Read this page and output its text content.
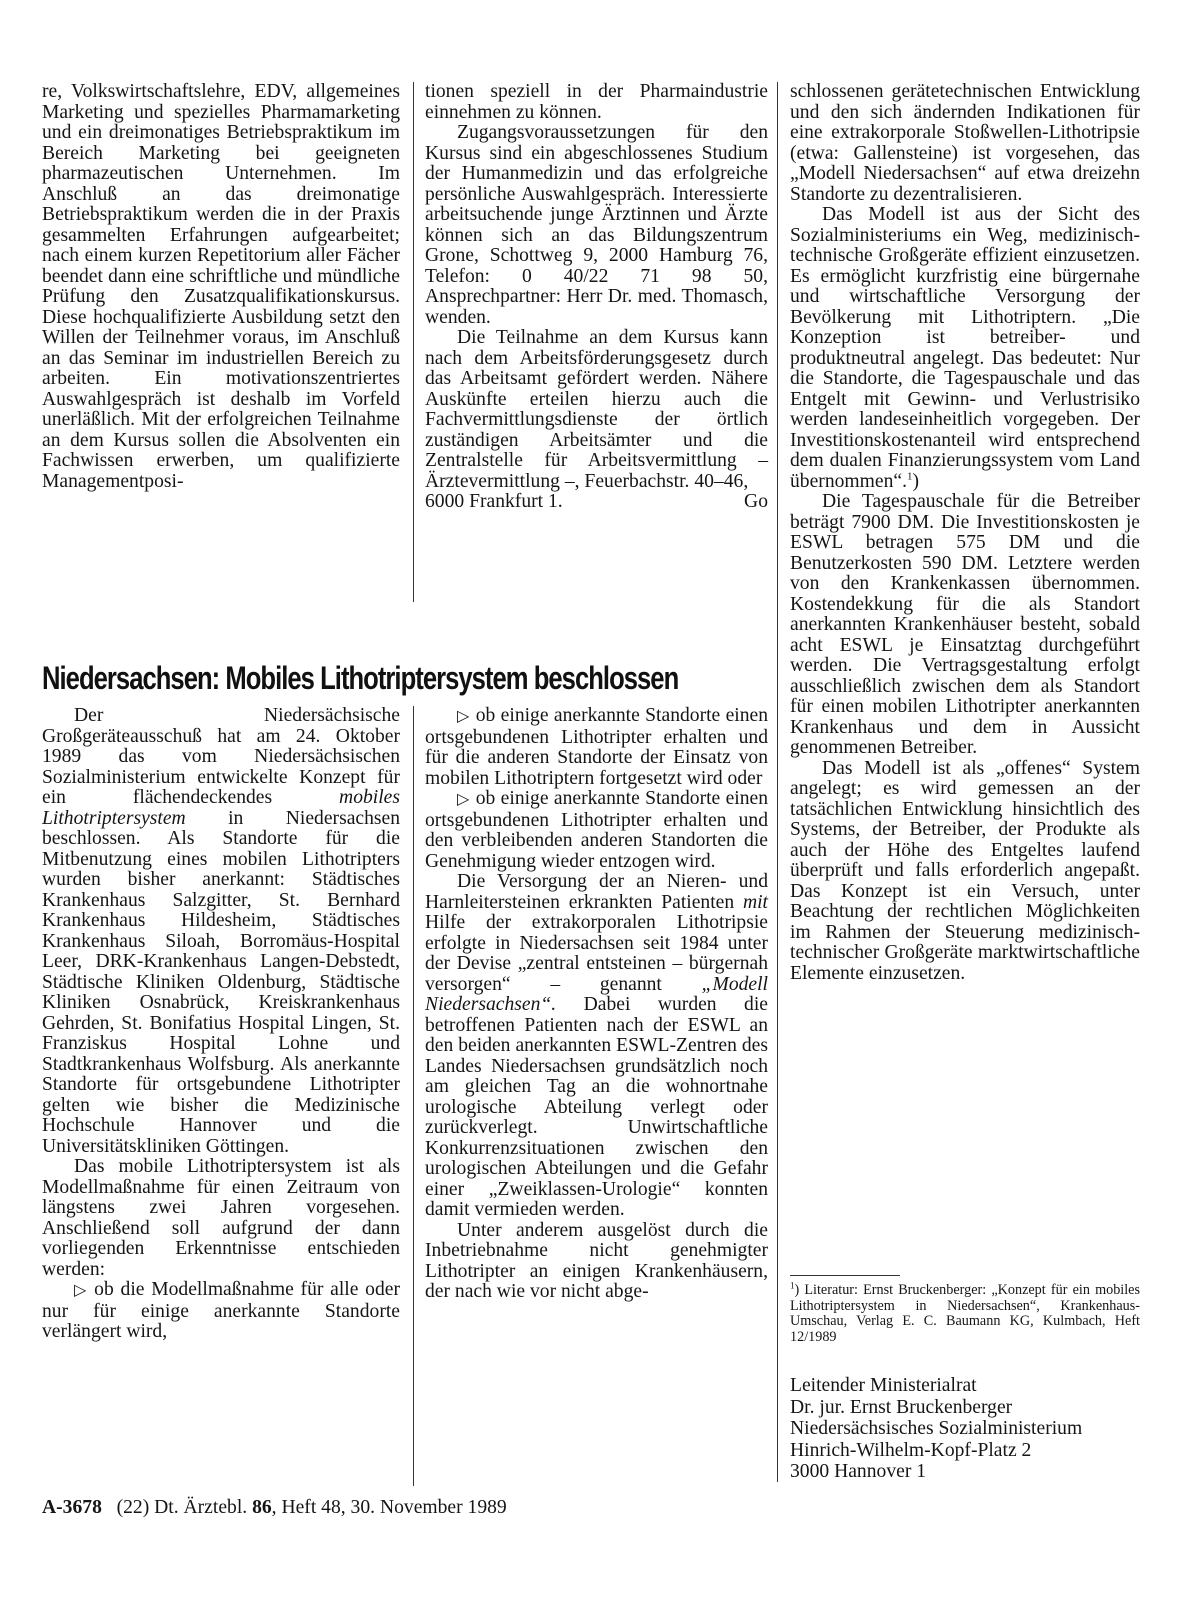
re, Volkswirtschaftslehre, EDV, allgemeines Marketing und spezielles Pharmamarketing und ein dreimonatiges Betriebspraktikum im Bereich Marketing bei geeigneten pharmazeutischen Unternehmen. Im Anschluß an das dreimonatige Betriebspraktikum werden die in der Praxis gesammelten Erfahrungen aufgearbeitet; nach einem kurzen Repetitorium aller Fächer beendet dann eine schriftliche und mündliche Prüfung den Zusatzqualifikationskursus. Diese hochqualifizierte Ausbildung setzt den Willen der Teilnehmer voraus, im Anschluß an das Seminar im industriellen Bereich zu arbeiten. Ein motivationszentriertes Auswahlgespräch ist deshalb im Vorfeld unerläßlich. Mit der erfolgreichen Teilnahme an dem Kursus sollen die Absolventen ein Fachwissen erwerben, um qualifizierte Managementposi-

tionen speziell in der Pharmaindustrie einnehmen zu können.

Zugangsvoraussetzungen für den Kursus sind ein abgeschlossenes Studium der Humanmedizin und das erfolgreiche persönliche Auswahlgespräch. Interessierte arbeitsuchende junge Ärztinnen und Ärzte können sich an das Bildungszentrum Grone, Schottweg 9, 2000 Hamburg 76, Telefon: 0 40/22 71 98 50, Ansprechpartner: Herr Dr. med. Thomasch, wenden.

Die Teilnahme an dem Kursus kann nach dem Arbeitsförderungsgesetz durch das Arbeitsamt gefördert werden. Nähere Auskünfte erteilen hierzu auch die Fachvermittlungsdienste der örtlich zuständigen Arbeitsämter und die Zentralstelle für Arbeitsvermittlung – Ärztevermittlung –, Feuerbachstr. 40–46,

6000 Frankfurt 1.	Go
Niedersachsen: Mobiles Lithotriptersystem beschlossen

Der Niedersächsische Großgeräteausschuß hat am 24. Oktober 1989 das vom Niedersächsischen Sozialministerium entwickelte Konzept für ein flächendeckendes mobiles Lithotriptersystem in Niedersachsen beschlossen. Als Standorte für die Mitbenutzung eines mobilen Lithotripters wurden bisher anerkannt: Städtisches Krankenhaus Salzgitter, St. Bernhard Krankenhaus Hildesheim, Städtisches Krankenhaus Siloah, Borromäus-Hospital Leer, DRK-Krankenhaus Langen-Debstedt, Städtische Kliniken Oldenburg, Städtische Kliniken Osnabrück, Kreiskrankenhaus Gehrden, St. Bonifatius Hospital Lingen, St. Franziskus Hospital Lohne und Stadtkrankenhaus Wolfsburg. Als anerkannte Standorte für ortsgebundene Lithotripter gelten wie bisher die Medizinische Hochschule Hannover und die Universitätskliniken Göttingen.

Das mobile Lithotriptersystem ist als Modellmaßnahme für einen Zeitraum von längstens zwei Jahren vorgesehen. Anschließend soll aufgrund der dann vorliegenden Erkenntnisse entschieden werden:

▷ ob die Modellmaßnahme für alle oder nur für einige anerkannte Standorte verlängert wird,

▷ ob einige anerkannte Standorte einen ortsgebundenen Lithotripter erhalten und für die anderen Standorte der Einsatz von mobilen Lithotriptern fortgesetzt wird oder

▷ ob einige anerkannte Standorte einen ortsgebundenen Lithotripter erhalten und den verbleibenden anderen Standorten die Genehmigung wieder entzogen wird.

Die Versorgung der an Nieren- und Harnleitersteinen erkrankten Patienten mit Hilfe der extrakorporalen Lithotripsie erfolgte in Niedersachsen seit 1984 unter der Devise „zentral entsteinen – bürgernah versorgen“ – genannt „Modell Niedersachsen“. Dabei wurden die betroffenen Patienten nach der ESWL an den beiden anerkannten ESWL-Zentren des Landes Niedersachsen grundsätzlich noch am gleichen Tag an die wohnortnahe urologische Abteilung verlegt oder zurückverlegt. Unwirtschaftliche Konkurrenzsituationen zwischen den urologischen Abteilungen und die Gefahr einer „Zweiklassen-Urologie“ konnten damit vermieden werden.

Unter anderem ausgelöst durch die Inbetriebnahme nicht genehmigter Lithotripter an einigen Krankenhäusern, der nach wie vor nicht abge-

schlossenen gerätetechnischen Entwicklung und den sich ändernden Indikationen für eine extrakorporale Stoßwellen-Lithotripsie (etwa: Gallensteine) ist vorgesehen, das „Modell Niedersachsen“ auf etwa dreizehn Standorte zu dezentralisieren.

Das Modell ist aus der Sicht des Sozialministeriums ein Weg, medizinisch-technische Großgeräte effizient einzusetzen. Es ermöglicht kurzfristig eine bürgernahe und wirtschaftliche Versorgung der Bevölkerung mit Lithotriptern. „Die Konzeption ist betreiber- und produktneutral angelegt. Das bedeutet: Nur die Standorte, die Tagespauschale und das Entgelt mit Gewinn- und Verlustrisiko werden landeseinheitlich vorgegeben. Der Investitionskostenanteil wird entsprechend dem dualen Finanzierungssystem vom Land übernommen“.$^1$)

Die Tagespauschale für die Betreiber beträgt 7900 DM. Die Investitionskosten je ESWL betragen 575 DM und die Benutzerkosten 590 DM. Letztere werden von den Krankenkassen übernommen. Kostendekkung für die als Standort anerkannten Krankenhäuser besteht, sobald acht ESWL je Einsatztag durchgeführt werden. Die Vertragsgestaltung erfolgt ausschließlich zwischen dem als Standort für einen mobilen Lithotripter anerkannten Krankenhaus und dem in Aussicht genommenen Betreiber.

Das Modell ist als „offenes“ System angelegt; es wird gemessen an der tatsächlichen Entwicklung hinsichtlich des Systems, der Betreiber, der Produkte als auch der Höhe des Entgeltes laufend überprüft und falls erforderlich angepaßt. Das Konzept ist ein Versuch, unter Beachtung der rechtlichen Möglichkeiten im Rahmen der Steuerung medizinisch-technischer Großgeräte marktwirtschaftliche Elemente einzusetzen.

$^1$) Literatur: Ernst Bruckenberger: „Konzept für ein mobiles Lithotriptersystem in Niedersachsen“, Krankenhaus-Umschau, Verlag E. C. Baumann KG, Kulmbach, Heft 12/1989
Leitender Ministerialrat
Dr. jur. Ernst Bruckenberger
Niedersächsisches Sozialministerium
Hinrich-Wilhelm-Kopf-Platz 2
3000 Hannover 1
A-3678 (22) Dt. Ärztebl. 86, Heft 48, 30. November 1989
